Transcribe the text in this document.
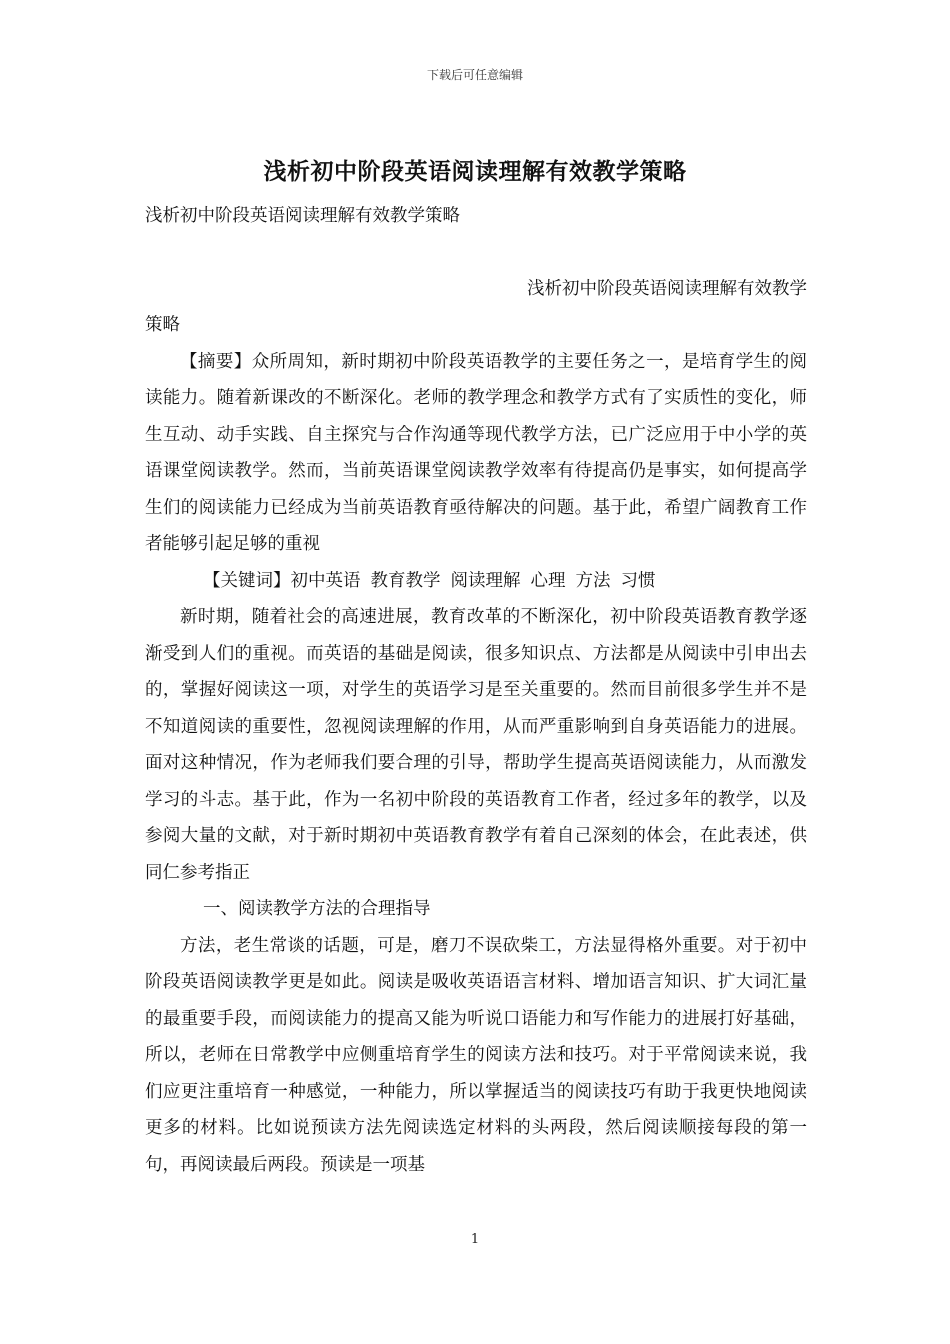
下载后可任意编辑
浅析初中阶段英语阅读理解有效教学策略

浅析初中阶段英语阅读理解有效教学策略

浅析初中阶段英语阅读理解有效教学

策略

【摘要】众所周知，新时期初中阶段英语教学的主要任务之一，是培育学生的阅读能力。随着新课改的不断深化。老师的教学理念和教学方式有了实质性的变化，师生互动、动手实践、自主探究与合作沟通等现代教学方法，已广泛应用于中小学的英语课堂阅读教学。然而，当前英语课堂阅读教学效率有待提高仍是事实，如何提高学生们的阅读能力已经成为当前英语教育亟待解决的问题。基于此，希望广阔教育工作者能够引起足够的重视

【关键词】初中英语 教育教学 阅读理解 心理 方法 习惯

新时期，随着社会的高速进展，教育改革的不断深化，初中阶段英语教育教学逐渐受到人们的重视。而英语的基础是阅读，很多知识点、方法都是从阅读中引申出去的，掌握好阅读这一项，对学生的英语学习是至关重要的。然而目前很多学生并不是不知道阅读的重要性，忽视阅读理解的作用，从而严重影响到自身英语能力的进展。面对这种情况，作为老师我们要合理的引导，帮助学生提高英语阅读能力，从而激发学习的斗志。基于此，作为一名初中阶段的英语教育工作者，经过多年的教学，以及参阅大量的文献，对于新时期初中英语教育教学有着自己深刻的体会，在此表述，供同仁参考指正

一、阅读教学方法的合理指导

方法，老生常谈的话题，可是，磨刀不误砍柴工，方法显得格外重要。对于初中阶段英语阅读教学更是如此。阅读是吸收英语语言材料、增加语言知识、扩大词汇量的最重要手段，而阅读能力的提高又能为听说口语能力和写作能力的进展打好基础，所以，老师在日常教学中应侧重培育学生的阅读方法和技巧。对于平常阅读来说，我们应更注重培育一种感觉，一种能力，所以掌握适当的阅读技巧有助于我更快地阅读更多的材料。比如说预读方法先阅读选定材料的头两段，然后阅读顺接每段的第一句，再阅读最后两段。预读是一项基

1
